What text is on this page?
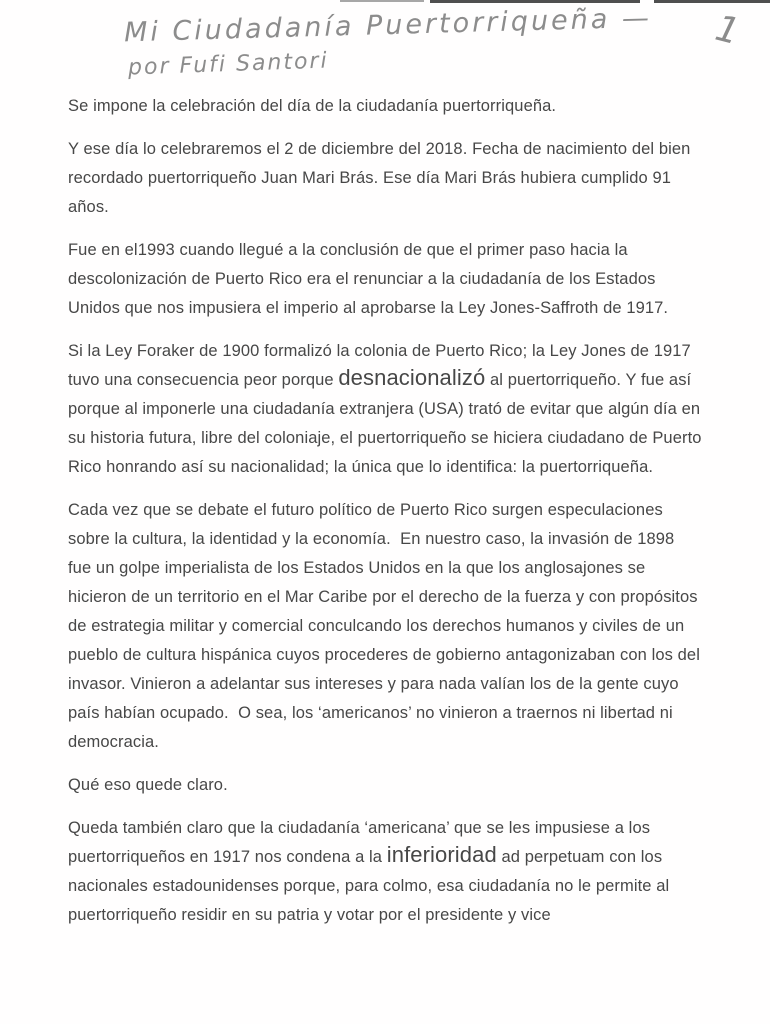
Mi Ciudadanía Puertorriqueña —
por Fufi Santori
1

Se impone la celebración del día de la ciudadanía puertorriqueña.

Y ese día lo celebraremos el 2 de diciembre del 2018. Fecha de nacimiento del bien recordado puertorriqueño Juan Mari Brás. Ese día Mari Brás hubiera cumplido 91 años.

Fue en el1993 cuando llegué a la conclusión de que el primer paso hacia la descolonización de Puerto Rico era el renunciar a la ciudadanía de los Estados Unidos que nos impusiera el imperio al aprobarse la Ley Jones-Saffroth de 1917.

Si la Ley Foraker de 1900 formalizó la colonia de Puerto Rico; la Ley Jones de 1917 tuvo una consecuencia peor porque desnacionalizó al puertorriqueño. Y fue así porque al imponerle una ciudadanía extranjera (USA) trató de evitar que algún día en su historia futura, libre del coloniaje, el puertorriqueño se hiciera ciudadano de Puerto Rico honrando así su nacionalidad; la única que lo identifica: la puertorriqueña.

Cada vez que se debate el futuro político de Puerto Rico surgen especulaciones sobre la cultura, la identidad y la economía.  En nuestro caso, la invasión de 1898 fue un golpe imperialista de los Estados Unidos en la que los anglosajones se hicieron de un territorio en el Mar Caribe por el derecho de la fuerza y con propósitos de estrategia militar y comercial conculcando los derechos humanos y civiles de un pueblo de cultura hispánica cuyos procederes de gobierno antagonizaban con los del invasor. Vinieron a adelantar sus intereses y para nada valían los de la gente cuyo país habían ocupado.  O sea, los ‘americanos’ no vinieron a traernos ni libertad ni democracia.

Qué eso quede claro.

Queda también claro que la ciudadanía ‘americana’ que se les impusiese a los puertorriqueños en 1917 nos condena a la inferioridad ad perpetuam con los nacionales estadounidenses porque, para colmo, esa ciudadanía no le permite al puertorriqueño residir en su patria y votar por el presidente y vice
